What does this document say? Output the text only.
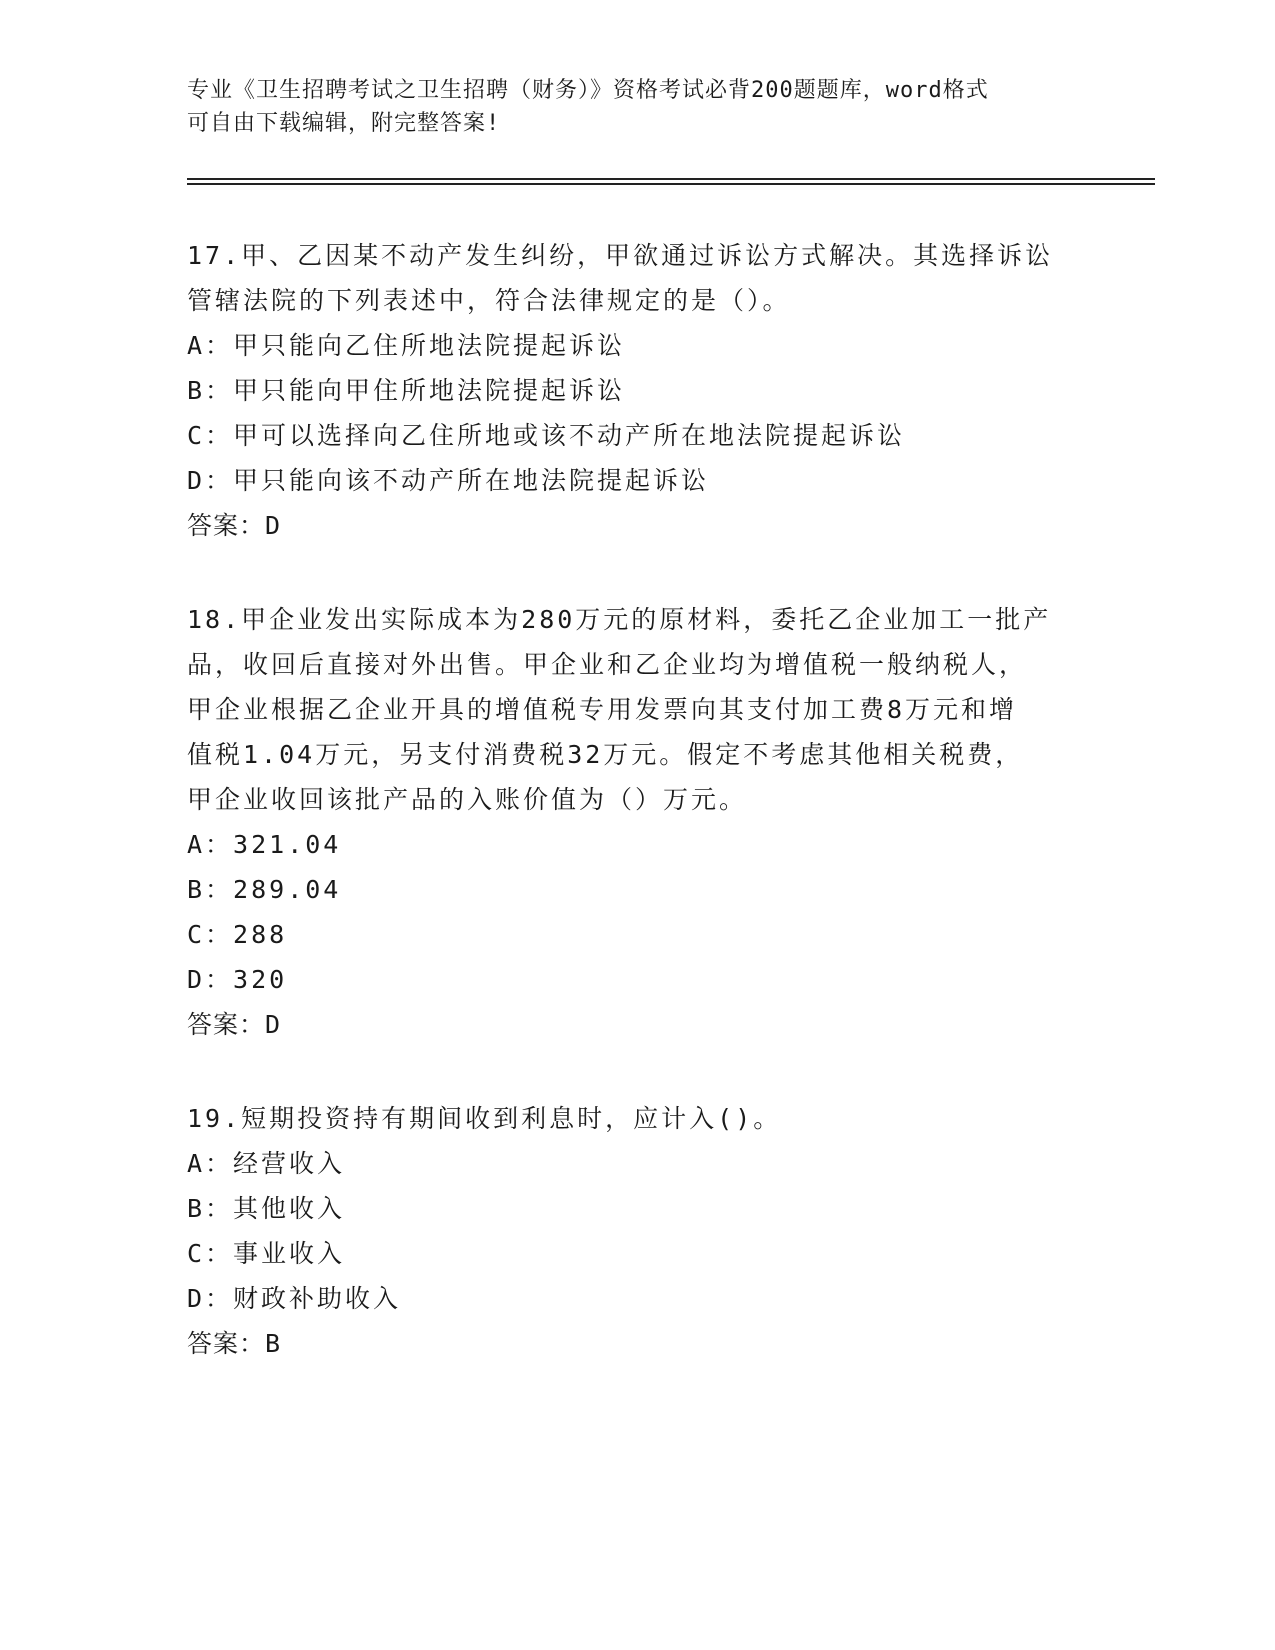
专业《卫生招聘考试之卫生招聘（财务）》资格考试必背200题题库，word格式
可自由下载编辑，附完整答案!
17.甲、乙因某不动产发生纠纷，甲欲通过诉讼方式解决。其选择诉讼
管辖法院的下列表述中，符合法律规定的是（）。
A：甲只能向乙住所地法院提起诉讼
B：甲只能向甲住所地法院提起诉讼
C：甲可以选择向乙住所地或该不动产所在地法院提起诉讼
D：甲只能向该不动产所在地法院提起诉讼
答案：D
18.甲企业发出实际成本为280万元的原材料，委托乙企业加工一批产
品，收回后直接对外出售。甲企业和乙企业均为增值税一般纳税人，
甲企业根据乙企业开具的增值税专用发票向其支付加工费8万元和增
值税1.04万元，另支付消费税32万元。假定不考虑其他相关税费，
甲企业收回该批产品的入账价值为（）万元。
A：321.04
B：289.04
C：288
D：320
答案：D
19.短期投资持有期间收到利息时，应计入()。
A：经营收入
B：其他收入
C：事业收入
D：财政补助收入
答案：B
